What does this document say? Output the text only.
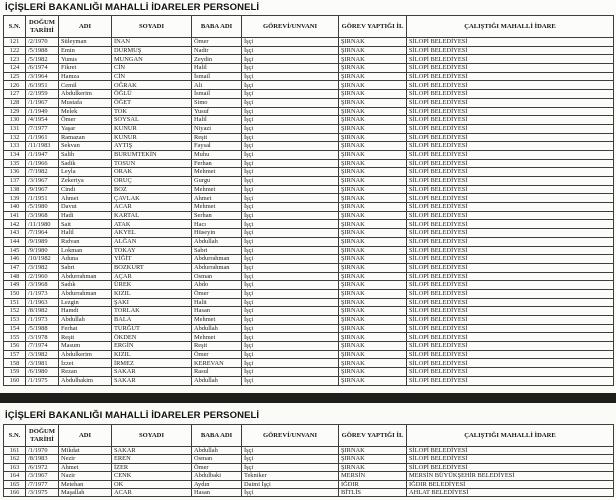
İÇİŞLERİ BAKANLIĞI MAHALLİ İDARELER PERSONELİ
S.N.	DOĞUM TARİHİ	ADI	SOYADI	BABA ADI	GÖREVİ/UNVANI	GÖREV YAPTIĞI İL	ÇALIŞTIĞI MAHALLİ İDARE
121	/2/1970	Süleyman	İNAN	Ömer	İşçi	ŞIRNAK	SİLOPİ BELEDİYESİ
122	/5/1988	Emin	DURMUŞ	Nadir	İşçi	ŞIRNAK	SİLOPİ BELEDİYESİ
123	/5/1982	Yunus	MUNGAN	Zeydin	İşçi	ŞIRNAK	SİLOPİ BELEDİYESİ
124	/6/1974	Fikret	CİN	Halil	İşçi	ŞIRNAK	SİLOPİ BELEDİYESİ
125	/3/1964	Hamza	CİN	İsmail	İşçi	ŞIRNAK	SİLOPİ BELEDİYESİ
126	/6/1951	Cemil	OĞRAK	Ali	İşçi	ŞIRNAK	SİLOPİ BELEDİYESİ
127	/2/1959	Abdulkerim	ÖĞLÜ	İsmail	İşçi	ŞIRNAK	SİLOPİ BELEDİYESİ
128	/1/1967	Mustafa	ÖĞET	Simo	İşçi	ŞIRNAK	SİLOPİ BELEDİYESİ
129	/1/1949	Melek	TOK	Yusuf	İşçi	ŞIRNAK	SİLOPİ BELEDİYESİ
130	/4/1954	Ömer	SOYSAL	Halil	İşçi	ŞIRNAK	SİLOPİ BELEDİYESİ
131	/7/1977	Yaşar	KUNUR	Niyazi	İşçi	ŞIRNAK	SİLOPİ BELEDİYESİ
132	/1/1961	Ramazan	KUNUR	Reşit	İşçi	ŞIRNAK	SİLOPİ BELEDİYESİ
133	/11/1983	Sekvan	AYTIŞ	Faysal	İşçi	ŞIRNAK	SİLOPİ BELEDİYESİ
134	/1/1947	Salih	BURUMTEKİN	Muhu	İşçi	ŞIRNAK	SİLOPİ BELEDİYESİ
135	/1/1966	Sadik	TOSUN	Ferhan	İşçi	ŞIRNAK	SİLOPİ BELEDİYESİ
136	/7/1982	Leyla	ORAK	Mehmet	İşçi	ŞIRNAK	SİLOPİ BELEDİYESİ
137	/3/1967	Zekeriya	ORUÇ	Gurgu	İşçi	ŞIRNAK	SİLOPİ BELEDİYESİ
138	/9/1967	Cindi	BOZ	Mehmet	İşçi	ŞIRNAK	SİLOPİ BELEDİYESİ
139	/1/1951	Ahmet	ÇAVLAK	Ahmet	İşçi	ŞIRNAK	SİLOPİ BELEDİYESİ
140	/5/1980	Davut	ACAR	Mehmet	İşçi	ŞIRNAK	SİLOPİ BELEDİYESİ
141	/3/1968	Hadi	KARTAL	Serhan	İşçi	ŞIRNAK	SİLOPİ BELEDİYESİ
142	/11/1980	Sait	ATAK	Hacı	İşçi	ŞIRNAK	SİLOPİ BELEDİYESİ
143	/7/1964	Halil	AKYEL	Hüseyin	İşçi	ŞIRNAK	SİLOPİ BELEDİYESİ
144	/9/1989	Rıdvan	ALĞAN	Abdullah	İşçi	ŞIRNAK	SİLOPİ BELEDİYESİ
145	/9/1980	Lokman	TOKAY	Sabri	İşçi	ŞIRNAK	SİLOPİ BELEDİYESİ
146	/10/1982	Aduna	YİĞİT	Abdurrahman	İşçi	ŞIRNAK	SİLOPİ BELEDİYESİ
147	/3/1982	Sabri	BOZKURT	Abdurrahman	İşçi	ŞIRNAK	SİLOPİ BELEDİYESİ
148	/2/1960	Abdurrahman	AÇAR	Osman	İşçi	ŞIRNAK	SİLOPİ BELEDİYESİ
149	/3/1968	Sadık	ÜREK	Abdo	İşçi	ŞIRNAK	SİLOPİ BELEDİYESİ
150	/1/1973	Abdurrahman	KIZIL	Ömer	İşçi	ŞIRNAK	SİLOPİ BELEDİYESİ
151	/1/1963	Lezgin	ŞAKI	Halit	İşçi	ŞIRNAK	SİLOPİ BELEDİYESİ
152	/8/1982	Hamdi	TORLAK	Hasan	İşçi	ŞIRNAK	SİLOPİ BELEDİYESİ
153	/1/1973	Abdullah	BALA	Mehmet	İşçi	ŞIRNAK	SİLOPİ BELEDİYESİ
154	/5/1988	Ferhat	TURĞUT	Abdullah	İşçi	ŞIRNAK	SİLOPİ BELEDİYESİ
155	/3/1978	Reşit	ÖKDEN	Mehmet	İşçi	ŞIRNAK	SİLOPİ BELEDİYESİ
156	/7/1974	Masum	ERGİN	Reşit	İşçi	ŞIRNAK	SİLOPİ BELEDİYESİ
157	/3/1982	Abdulkerim	KIZIL	Ömer	İşçi	ŞIRNAK	SİLOPİ BELEDİYESİ
158	/3/1981	İzzet	İRMEZ	KEREVAN	İşçi	ŞIRNAK	SİLOPİ BELEDİYESİ
159	/6/1980	Rezan	SAKAR	Rasul	İşçi	ŞIRNAK	SİLOPİ BELEDİYESİ
160	/1/1975	Abdulhakim	SAKAR	Abdullah	İşçi	ŞIRNAK	SİLOPİ BELEDİYESİ
İÇİŞLERİ BAKANLIĞI MAHALLİ İDARELER PERSONELİ
S.N.	DOĞUM TARİHİ	ADI	SOYADI	BABA ADI	GÖREVİ/UNVANI	GÖREV YAPTIĞI İL	ÇALIŞTIĞI MAHALLİ İDARE
161	/1/1970	Mikdat	SAKAR	Abdullah	İşçi	ŞIRNAK	SİLOPİ BELEDİYESİ
162	/8/1983	Nezir	EREN	Osman	İşçi	ŞIRNAK	SİLOPİ BELEDİYESİ
163	/6/1972	Ahmet	İZER	Ömer	İşçi	ŞIRNAK	SİLOPİ BELEDİYESİ
164	/3/1967	Nazir	CENK	Abdulbaki	Tekniker	MERSİN	MERSİN BÜYÜKŞEHİR BELEDİYESİ
165	/7/1977	Metehan	OK	Aydın	Daimi İşçi	IĞDIR	IĞDIR BELEDİYESİ
166	/3/1975	Maşallah	ACAR	Hasan	İşçi	BİTLİS	AHLAT BELEDİYESİ
